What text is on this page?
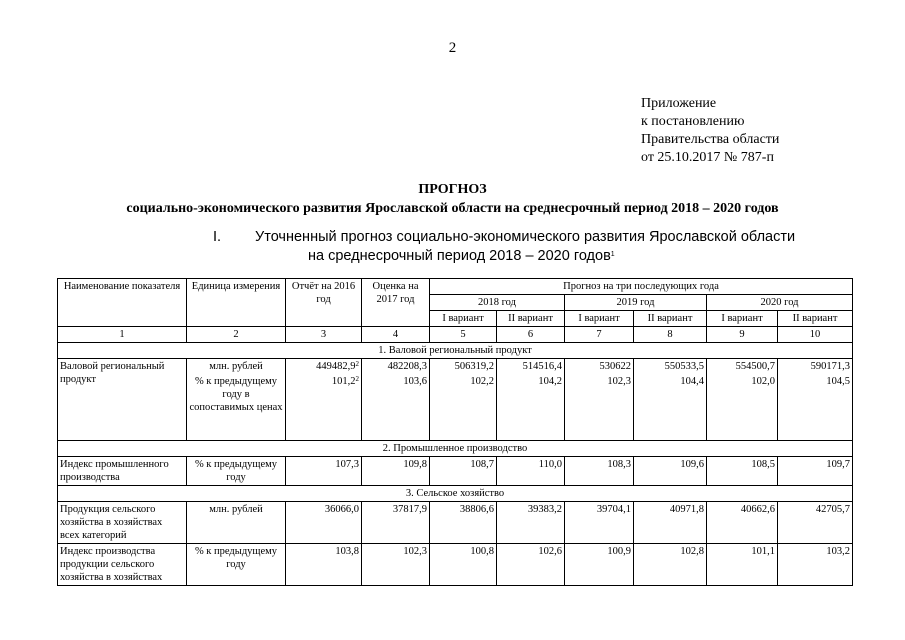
2
Приложение
к постановлению
Правительства области
от 25.10.2017 № 787-п
ПРОГНОЗ
социально-экономического развития Ярославской области на среднесрочный период 2018 – 2020 годов
I. Уточненный прогноз социально-экономического развития Ярославской области
на среднесрочный период 2018 – 2020 годов$^1$
Наименование показателя	Единица измерения	Отчёт на 2016 год	Оценка на 2017 год	Прогноз на три последующих года					
				2018 год		2019 год		2020 год	
				I вариант	II вариант	I вариант	II вариант	I вариант	II вариант
1	2	3	4	5	6	7	8	9	10
1. Валовой региональный продукт									
Валовой региональный продукт	млн. рублей	449482,9$^2$	482208,3	506319,2	514516,4	530622	550533,5	554500,7	590171,3
	% к предыдущему году в сопоставимых ценах	101,2$^2$	103,6	102,2	104,2	102,3	104,4	102,0	104,5
2. Промышленное производство									
Индекс промышленного производства	% к предыдущему году	107,3	109,8	108,7	110,0	108,3	109,6	108,5	109,7
3. Сельское хозяйство									
Продукция сельского хозяйства в хозяйствах всех категорий	млн. рублей	36066,0	37817,9	38806,6	39383,2	39704,1	40971,8	40662,6	42705,7
Индекс производства продукции сельского хозяйства в хозяйствах	% к предыдущему году	103,8	102,3	100,8	102,6	100,9	102,8	101,1	103,2
